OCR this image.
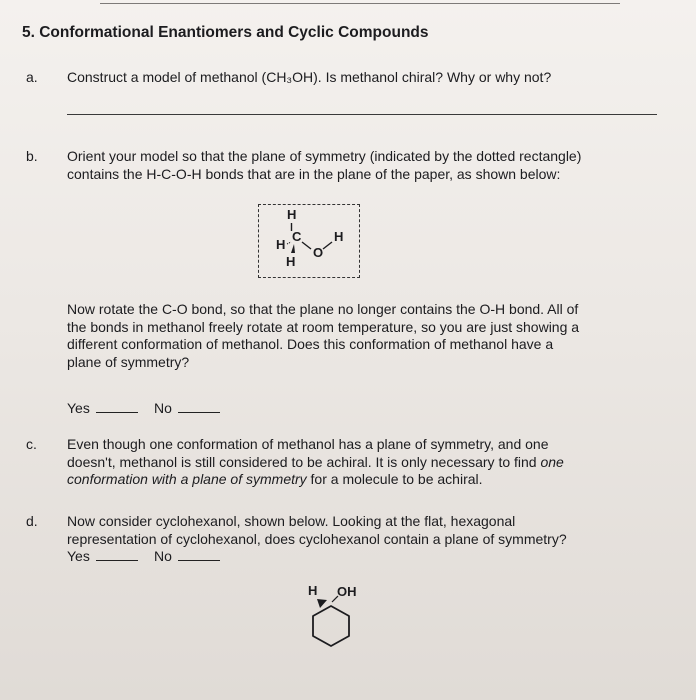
5. Conformational Enantiomers and Cyclic Compounds
a. Construct a model of methanol (CH₃OH). Is methanol chiral? Why or why not?
b. Orient your model so that the plane of symmetry (indicated by the dotted rectangle)
contains the H-C-O-H bonds that are in the plane of the paper, as shown below:
H
H
C
O
H
H
Now rotate the C-O bond, so that the plane no longer contains the O-H bond. All of
the bonds in methanol freely rotate at room temperature, so you are just showing a
different conformation of methanol. Does this conformation of methanol have a
plane of symmetry?
Yes	No
c. Even though one conformation of methanol has a plane of symmetry, and one
doesn't, methanol is still considered to be achiral. It is only necessary to find one
conformation with a plane of symmetry for a molecule to be achiral.
d. Now consider cyclohexanol, shown below. Looking at the flat, hexagonal
representation of cyclohexanol, does cyclohexanol contain a plane of symmetry?
Yes	No
H OH
